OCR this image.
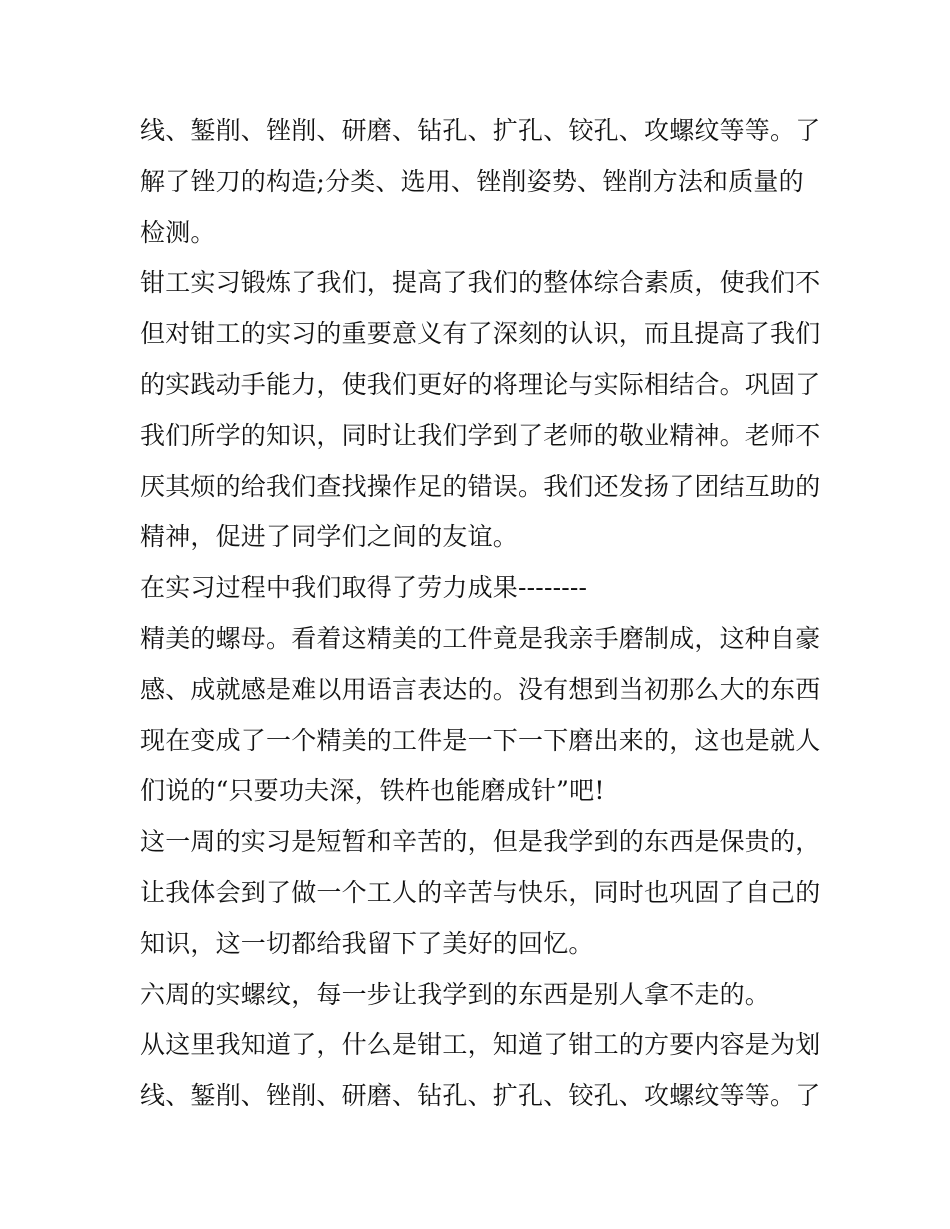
线、錾削、锉削、研磨、钻孔、扩孔、铰孔、攻螺纹等等。了
解了锉刀的构造;分类、选用、锉削姿势、锉削方法和质量的
检测。
钳工实习锻炼了我们，提高了我们的整体综合素质，使我们不
但对钳工的实习的重要意义有了深刻的认识，而且提高了我们
的实践动手能力，使我们更好的将理论与实际相结合。巩固了
我们所学的知识，同时让我们学到了老师的敬业精神。老师不
厌其烦的给我们查找操作足的错误。我们还发扬了团结互助的
精神，促进了同学们之间的友谊。
在实习过程中我们取得了劳力成果--------
精美的螺母。看着这精美的工件竟是我亲手磨制成，这种自豪
感、成就感是难以用语言表达的。没有想到当初那么大的东西
现在变成了一个精美的工件是一下一下磨出来的，这也是就人
们说的“只要功夫深，铁杵也能磨成针”吧!
这一周的实习是短暂和辛苦的，但是我学到的东西是保贵的，
让我体会到了做一个工人的辛苦与快乐，同时也巩固了自己的
知识，这一切都给我留下了美好的回忆。
六周的实螺纹，每一步让我学到的东西是别人拿不走的。
从这里我知道了，什么是钳工，知道了钳工的方要内容是为划
线、錾削、锉削、研磨、钻孔、扩孔、铰孔、攻螺纹等等。了
